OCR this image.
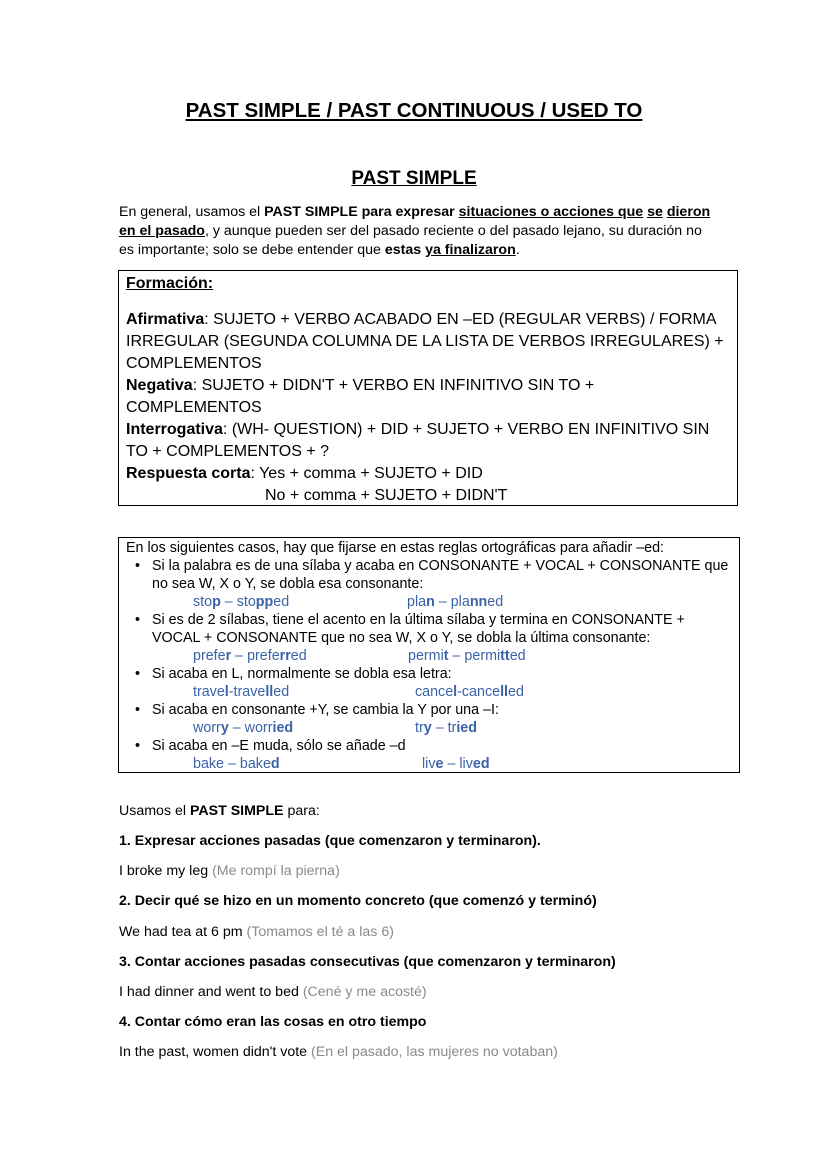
PAST SIMPLE / PAST CONTINUOUS / USED TO
PAST SIMPLE
En general, usamos el PAST SIMPLE para expresar situaciones o acciones que se dieron en el pasado, y aunque pueden ser del pasado reciente o del pasado lejano, su duración no es importante; solo se debe entender que estas ya finalizaron.
Formación:
Afirmativa: SUJETO + VERBO ACABADO EN –ED (REGULAR VERBS) / FORMA IRREGULAR (SEGUNDA COLUMNA DE LA LISTA DE VERBOS IRREGULARES) + COMPLEMENTOS
Negativa: SUJETO + DIDN'T + VERBO EN INFINITIVO SIN TO + COMPLEMENTOS
Interrogativa: (WH- QUESTION) + DID + SUJETO + VERBO EN INFINITIVO SIN TO + COMPLEMENTOS + ?
Respuesta corta: Yes + comma + SUJETO + DID
No + comma + SUJETO + DIDN'T
En los siguientes casos, hay que fijarse en estas reglas ortográficas para añadir –ed:
• Si la palabra es de una sílaba y acaba en CONSONANTE + VOCAL + CONSONANTE que no sea W, X o Y, se dobla esa consonante:
stop – stopped	plan – planned
• Si es de 2 sílabas, tiene el acento en la última sílaba y termina en CONSONANTE + VOCAL + CONSONANTE que no sea W, X o Y, se dobla la última consonante:
prefer – preferred	permit – permitted
• Si acaba en L, normalmente se dobla esa letra:
travel-travelled	cancel-cancelled
• Si acaba en consonante +Y, se cambia la Y por una –I:
worry – worried	try – tried
• Si acaba en –E muda, sólo se añade –d
bake – baked	live – lived
Usamos el PAST SIMPLE para:
1. Expresar acciones pasadas (que comenzaron y terminaron).
I broke my leg (Me rompí la pierna)
2. Decir qué se hizo en un momento concreto (que comenzó y terminó)
We had tea at 6 pm (Tomamos el té a las 6)
3. Contar acciones pasadas consecutivas (que comenzaron y terminaron)
I had dinner and went to bed (Cené y me acosté)
4. Contar cómo eran las cosas en otro tiempo
In the past, women didn't vote (En el pasado, las mujeres no votaban)
